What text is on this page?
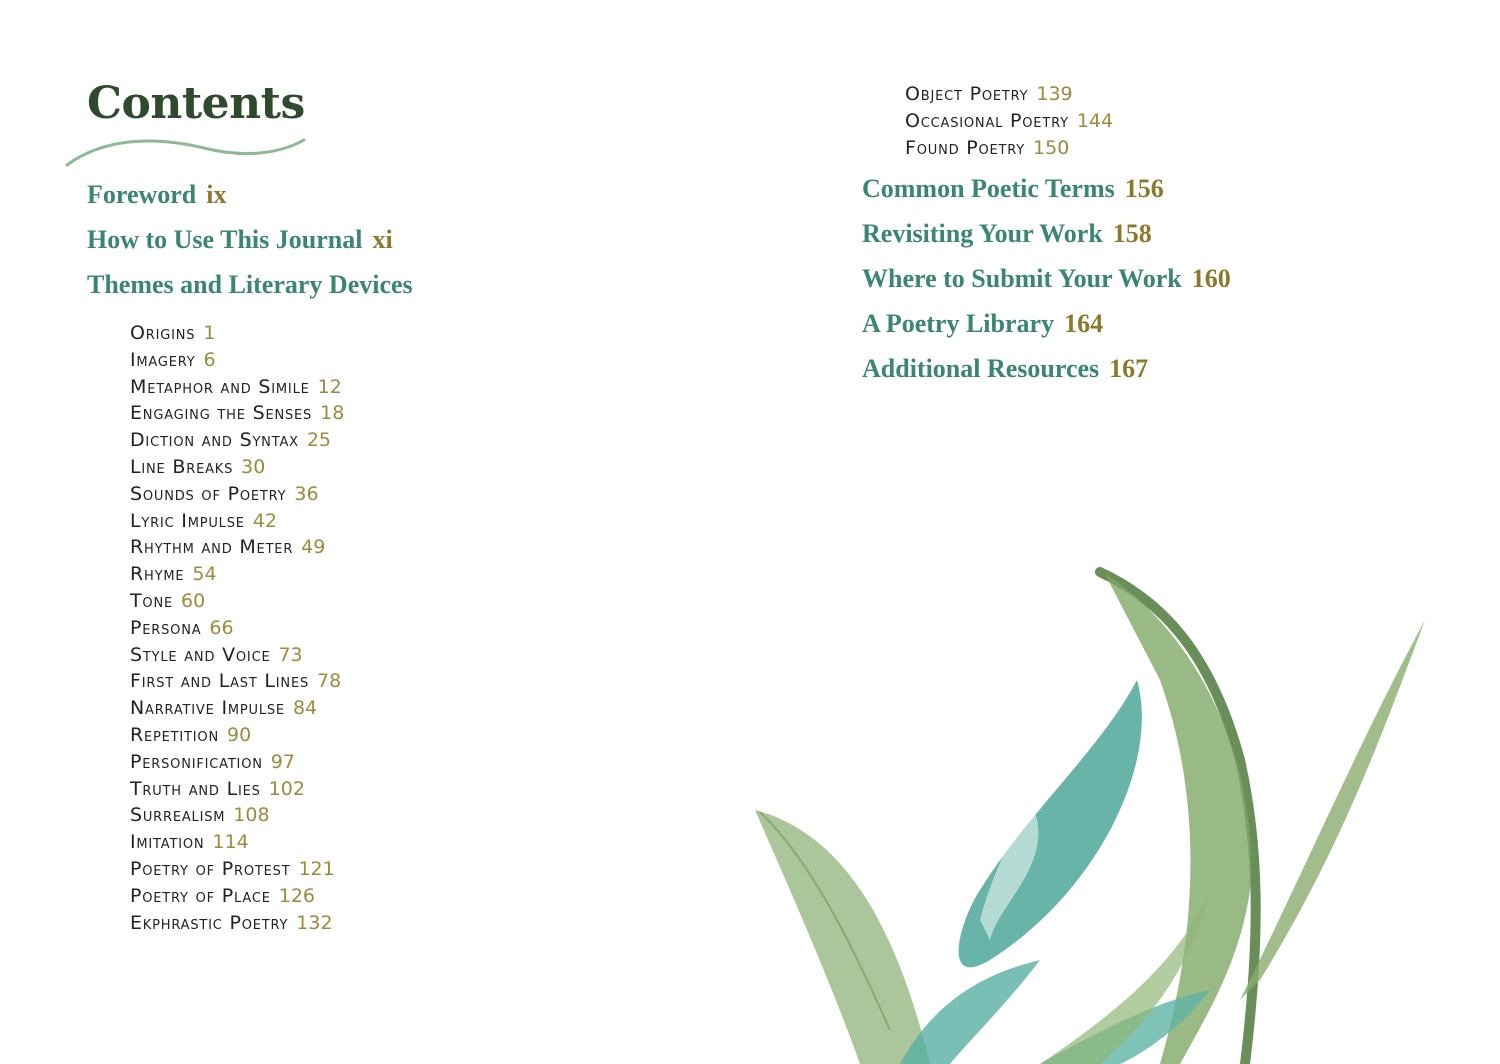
Contents
Foreword ix
How to Use This Journal xi
Themes and Literary Devices
Origins 1
Imagery 6
Metaphor and Simile 12
Engaging the Senses 18
Diction and Syntax 25
Line Breaks 30
Sounds of Poetry 36
Lyric Impulse 42
Rhythm and Meter 49
Rhyme 54
Tone 60
Persona 66
Style and Voice 73
First and Last Lines 78
Narrative Impulse 84
Repetition 90
Personification 97
Truth and Lies 102
Surrealism 108
Imitation 114
Poetry of Protest 121
Poetry of Place 126
Ekphrastic Poetry 132
Object Poetry 139
Occasional Poetry 144
Found Poetry 150
Common Poetic Terms 156
Revisiting Your Work 158
Where to Submit Your Work 160
A Poetry Library 164
Additional Resources 167
